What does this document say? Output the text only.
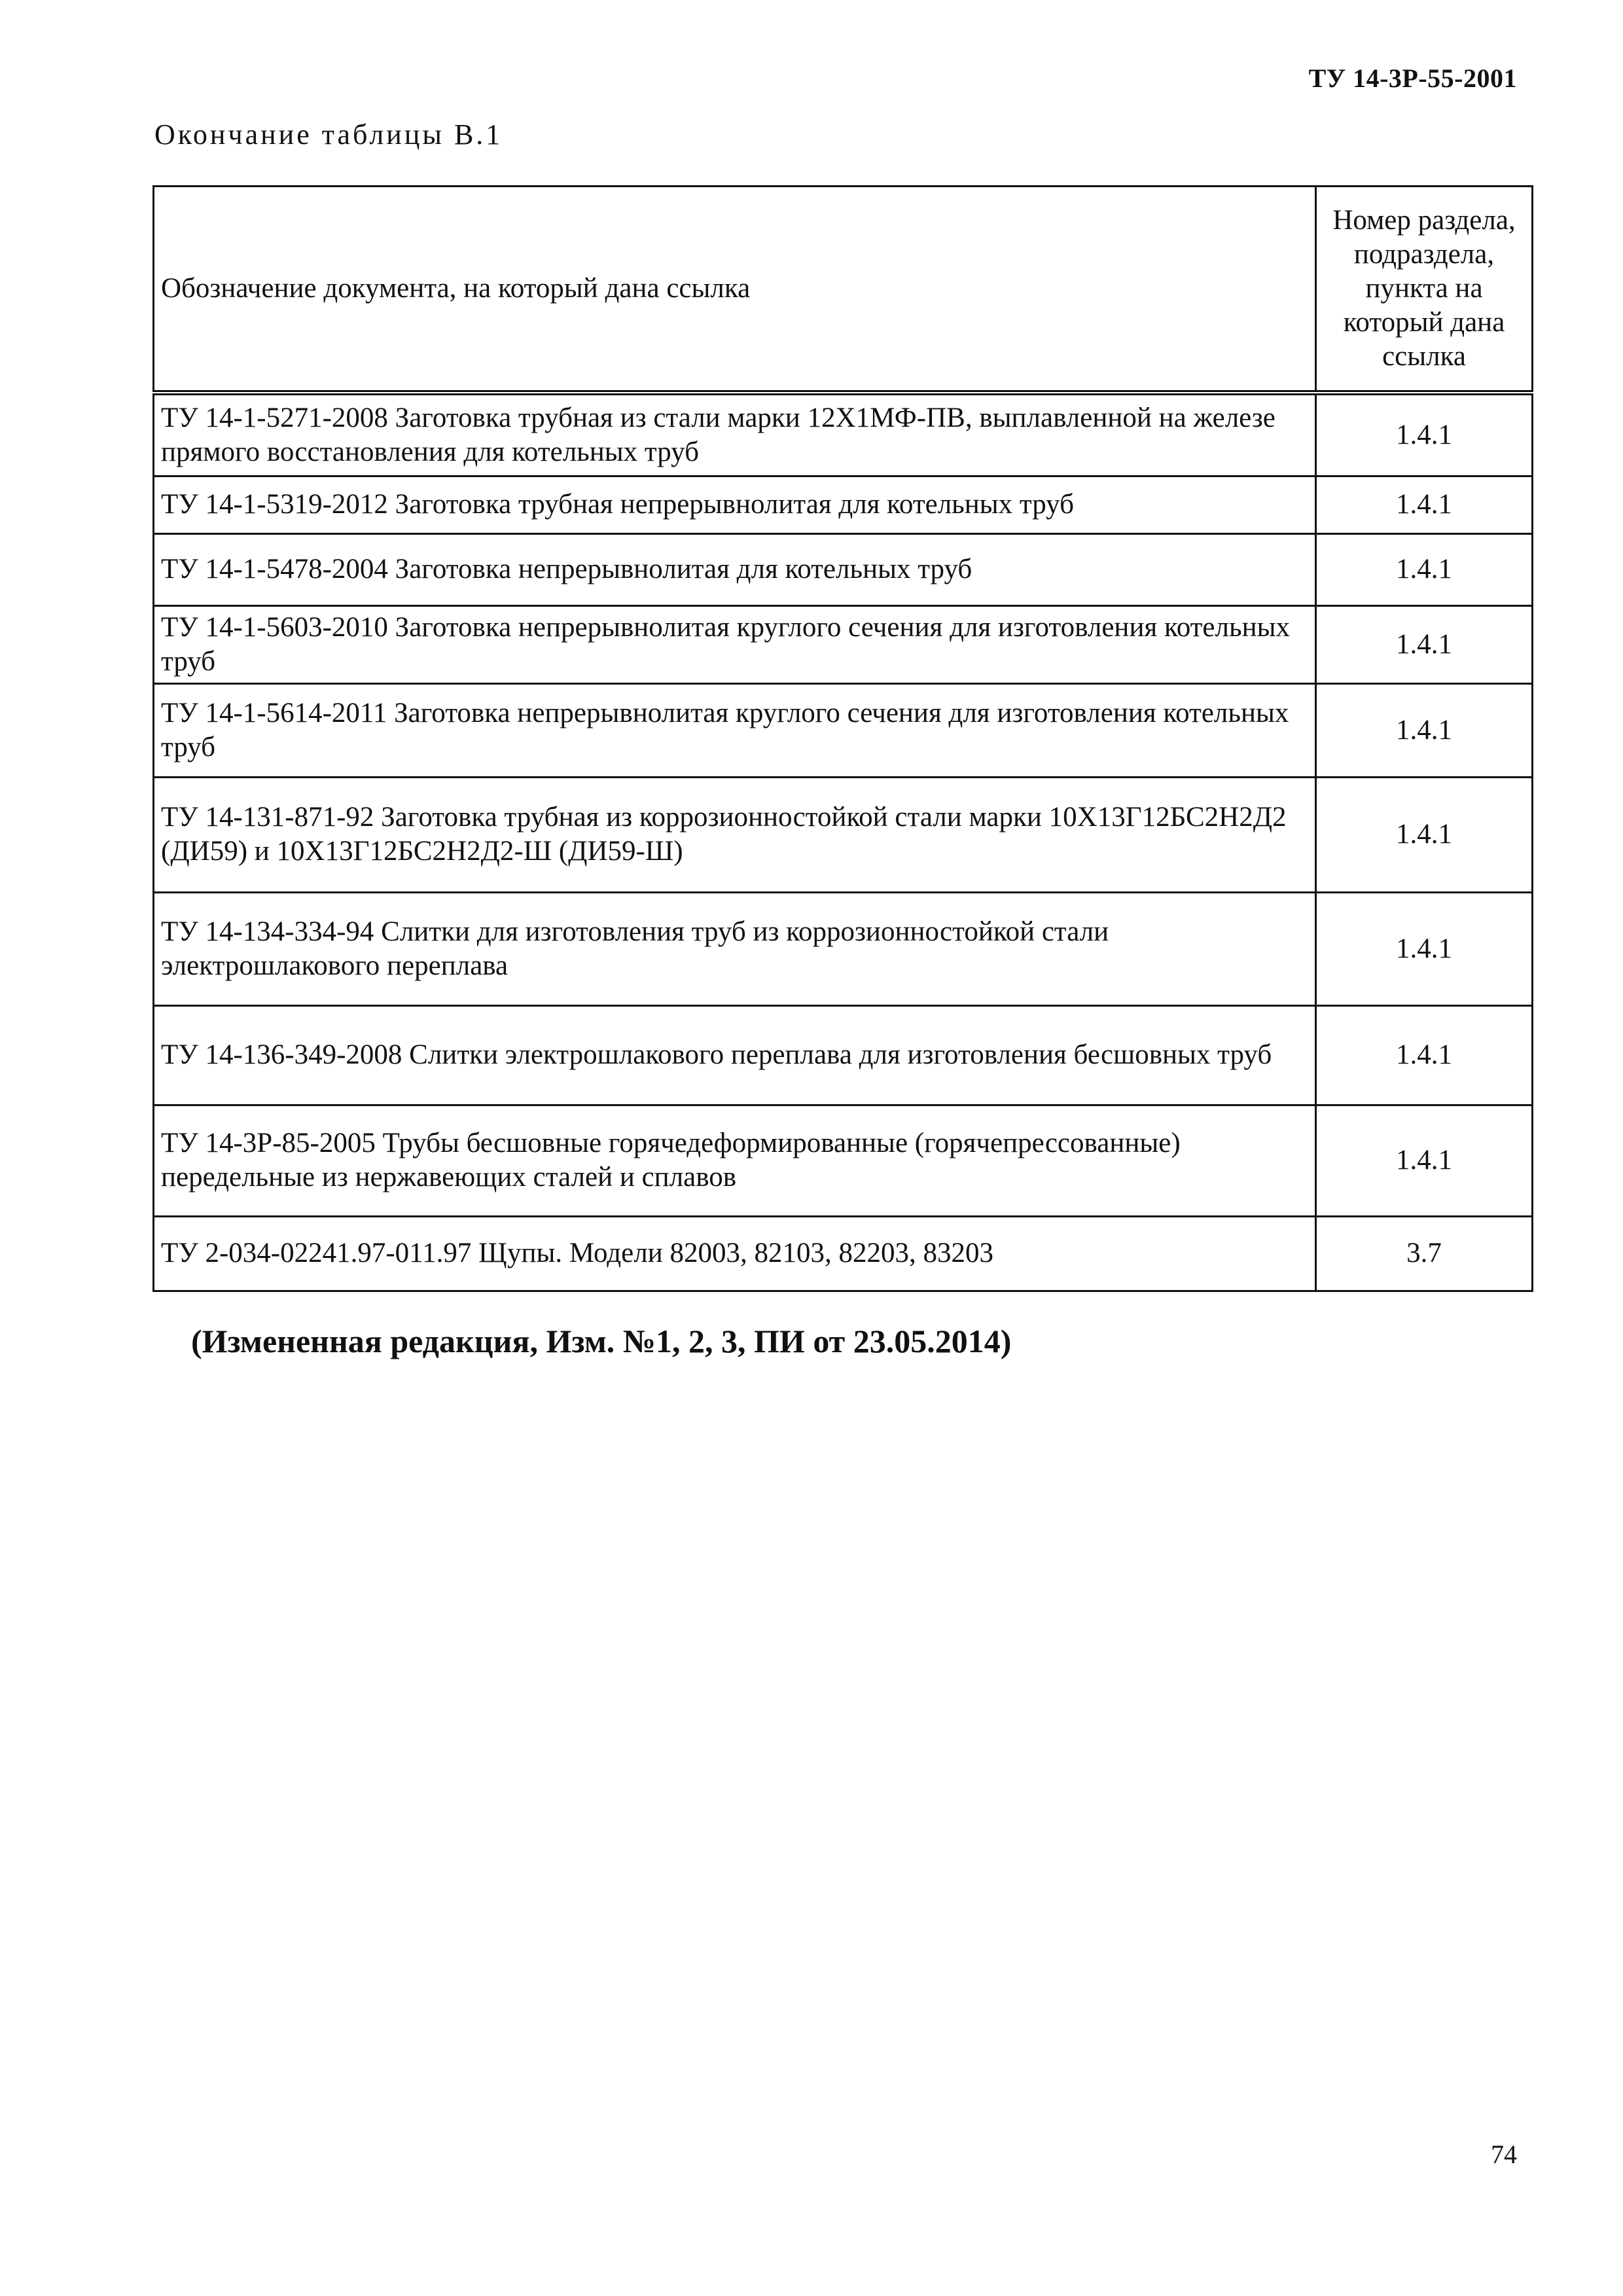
ТУ 14-3Р-55-2001
Окончание таблицы В.1
Обозначение документа, на который дана ссылка	Номер раздела, подраздела, пункта на который дана ссылка
ТУ 14-1-5271-2008 Заготовка трубная из стали марки 12Х1МФ-ПВ, выплавленной на железе прямого восстановления для котельных труб	1.4.1
ТУ 14-1-5319-2012 Заготовка трубная непрерывнолитая для котельных труб	1.4.1
ТУ 14-1-5478-2004 Заготовка непрерывнолитая для котельных труб	1.4.1
ТУ 14-1-5603-2010 Заготовка непрерывнолитая круглого сечения для изготовления котельных труб	1.4.1
ТУ 14-1-5614-2011 Заготовка непрерывнолитая круглого сечения для изготовления котельных труб	1.4.1
ТУ 14-131-871-92 Заготовка трубная из коррозионностойкой стали марки 10Х13Г12БС2Н2Д2 (ДИ59) и 10Х13Г12БС2Н2Д2-Ш (ДИ59-Ш)	1.4.1
ТУ 14-134-334-94 Слитки для изготовления труб из коррозионностойкой стали электрошлакового переплава	1.4.1
ТУ 14-136-349-2008 Слитки электрошлакового переплава для изготовления бесшовных труб	1.4.1
ТУ 14-3Р-85-2005 Трубы бесшовные горячедеформированные (горячепрессованные) передельные из нержавеющих сталей и сплавов	1.4.1
ТУ 2-034-02241.97-011.97 Щупы. Модели 82003, 82103, 82203, 83203	3.7
(Измененная редакция, Изм. №1, 2, 3, ПИ от 23.05.2014)
74
